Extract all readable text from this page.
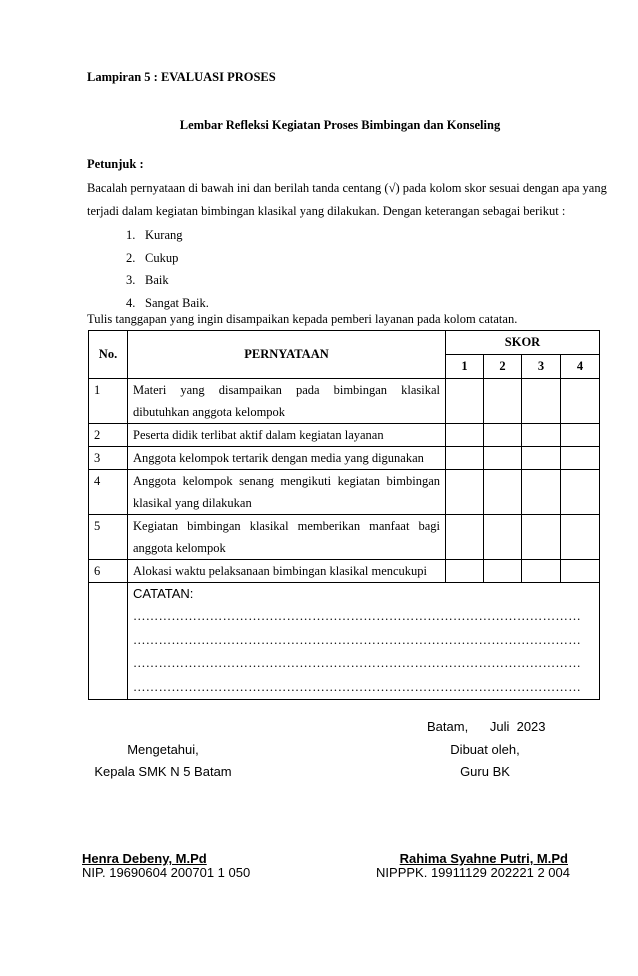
Lampiran 5 : EVALUASI PROSES
Lembar Refleksi Kegiatan Proses Bimbingan dan Konseling
Petunjuk :
Bacalah pernyataan di bawah ini dan berilah tanda centang (√) pada kolom skor sesuai dengan apa yang
terjadi dalam kegiatan bimbingan klasikal yang dilakukan. Dengan keterangan sebagai berikut :
1. Kurang
2. Cukup
3. Baik
4. Sangat Baik.
Tulis tanggapan yang ingin disampaikan kepada pemberi layanan pada kolom catatan.
No.	PERNYATAAN	SKOR			
		1	2	3	4
1	Materi yang disampaikan pada bimbingan klasikal dibutuhkan anggota kelompok				
2	Peserta didik terlibat aktif dalam kegiatan layanan				
3	Anggota kelompok tertarik dengan media yang digunakan				
4	Anggota kelompok senang mengikuti kegiatan bimbingan klasikal yang dilakukan				
5	Kegiatan bimbingan klasikal memberikan manfaat bagi anggota kelompok				
6	Alokasi waktu pelaksanaan bimbingan klasikal mencukupi				

	CATATAN:
……………………………………………………………………………………………
……………………………………………………………………………………………
……………………………………………………………………………………………
……………………………………………………………………………………………				
Batam,      Juli  2023
Mengetahui,
Kepala SMK N 5 Batam
Dibuat oleh,
Guru BK
Henra Debeny, M.Pd
NIP. 19690604 200701 1 050
Rahima Syahne Putri, M.Pd
NIPPPK. 19911129 202221 2 004
